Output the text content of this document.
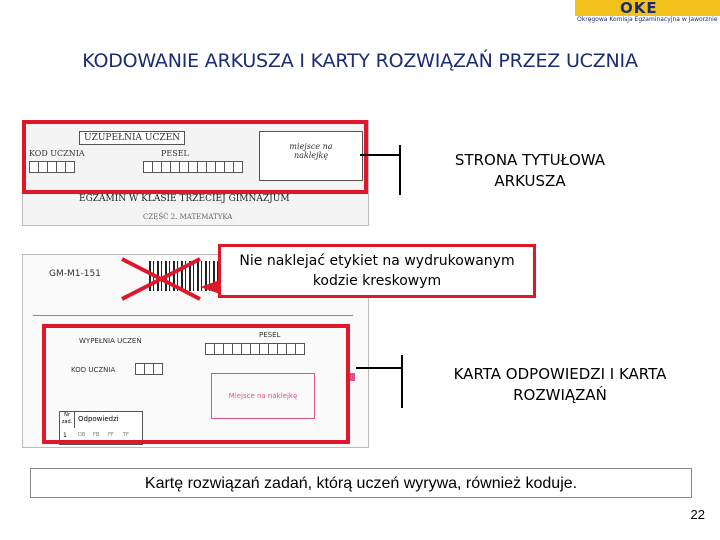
OKE
Okręgowa Komisja Egzaminacyjna w Jaworznie
KODOWANIE ARKUSZA I KARTY ROZWIĄZAŃ PRZEZ UCZNIA
UZUPEŁNIA UCZEŃ
KOD UCZNIA	PESEL
miejsce na naklejkę
EGZAMIN W KLASIE TRZECIEJ GIMNAZJUM
CZĘŚĆ 2. MATEMATYKA
STRONA TYTUŁOWA ARKUSZA
GM-M1-151
WYPEŁNIA UCZEŃ
PESEL
KOD UCZNIA
Miejsce na naklejkę
Nr zad. Odpowiedzi
1 DB FB FF TF
Nie naklejać etykiet na wydrukowanym kodzie kreskowym
KARTA ODPOWIEDZI I KARTA ROZWIĄZAŃ
Kartę rozwiązań zadań, którą uczeń wyrywa, również koduje.
22
